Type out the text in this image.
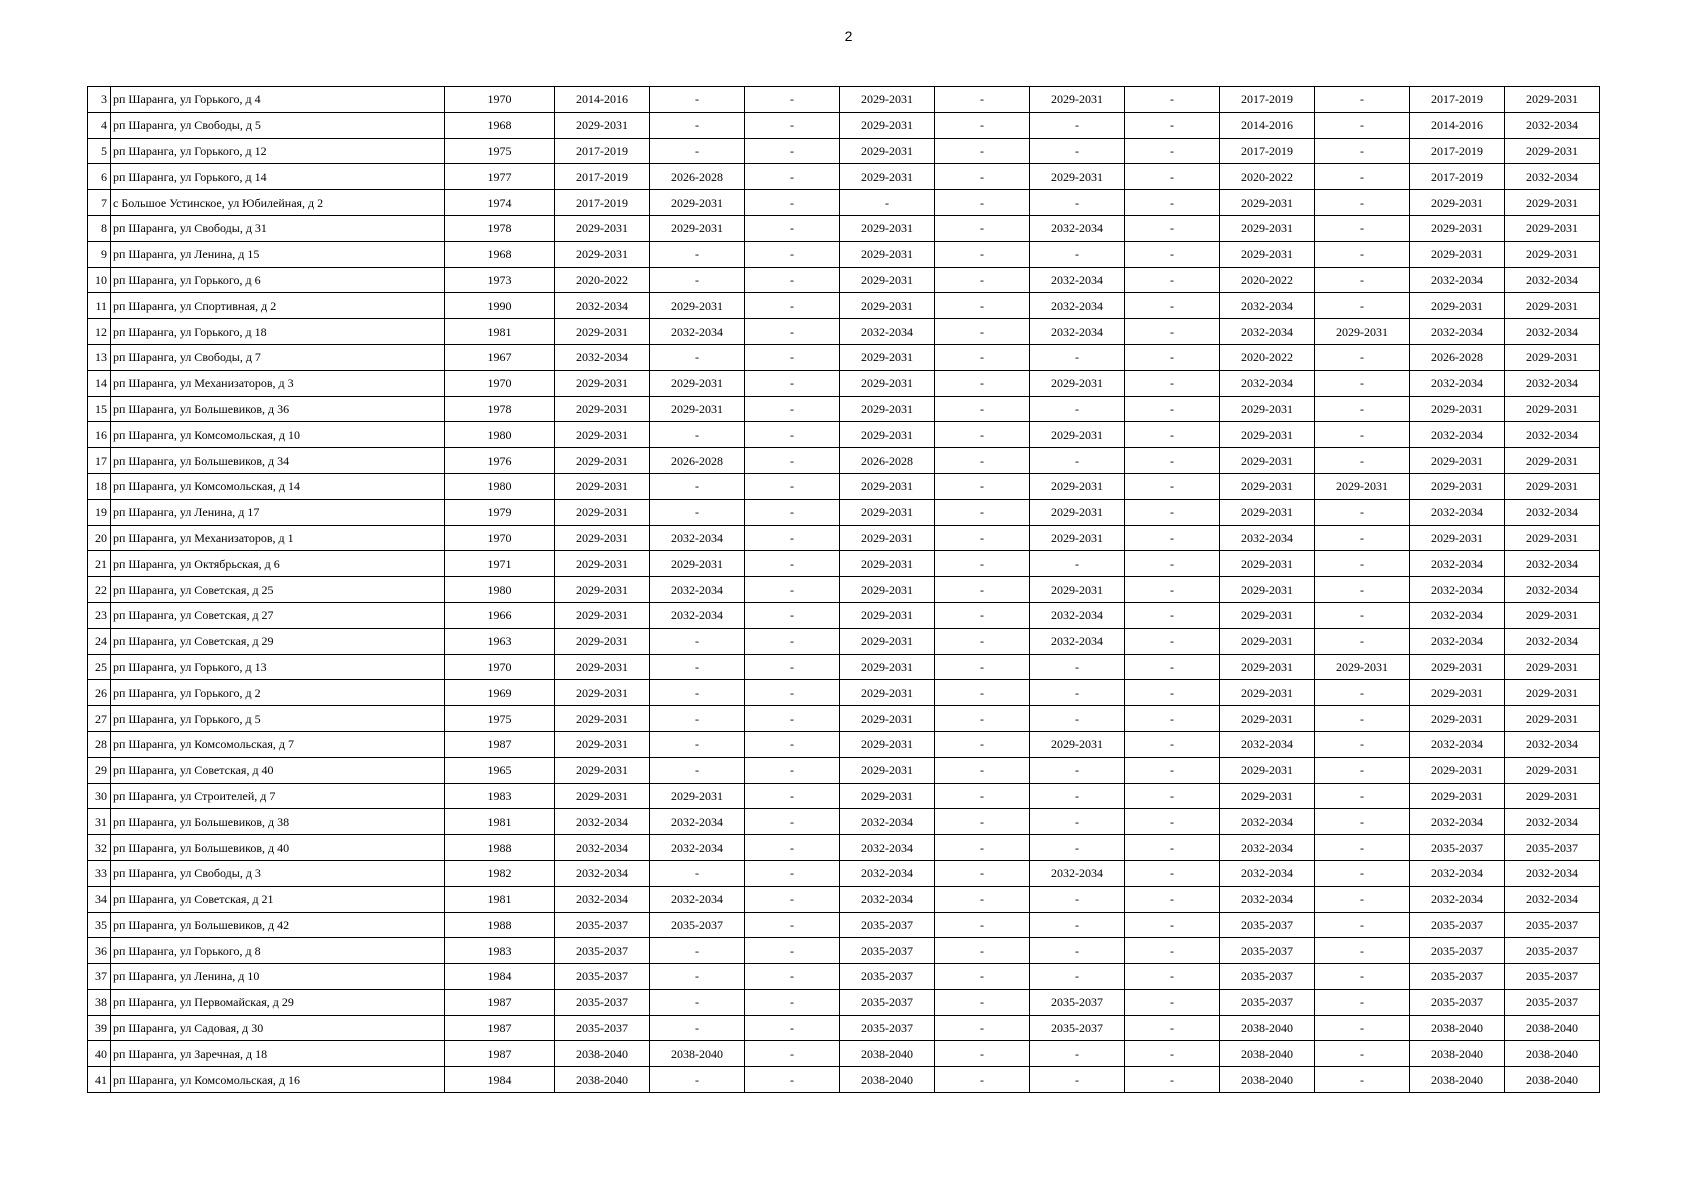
2
3	рп Шаранга, ул Горького, д 4	1970	2014-2016	-	-	2029-2031	-	2029-2031	-	2017-2019	-	2017-2019	2029-2031
4	рп Шаранга, ул Свободы, д 5	1968	2029-2031	-	-	2029-2031	-	-	-	2014-2016	-	2014-2016	2032-2034
5	рп Шаранга, ул Горького, д 12	1975	2017-2019	-	-	2029-2031	-	-	-	2017-2019	-	2017-2019	2029-2031
6	рп Шаранга, ул Горького, д 14	1977	2017-2019	2026-2028	-	2029-2031	-	2029-2031	-	2020-2022	-	2017-2019	2032-2034
7	с Большое Устинское, ул Юбилейная, д 2	1974	2017-2019	2029-2031	-	-	-	-	-	2029-2031	-	2029-2031	2029-2031
8	рп Шаранга, ул Свободы, д 31	1978	2029-2031	2029-2031	-	2029-2031	-	2032-2034	-	2029-2031	-	2029-2031	2029-2031
9	рп Шаранга, ул Ленина, д 15	1968	2029-2031	-	-	2029-2031	-	-	-	2029-2031	-	2029-2031	2029-2031
10	рп Шаранга, ул Горького, д 6	1973	2020-2022	-	-	2029-2031	-	2032-2034	-	2020-2022	-	2032-2034	2032-2034
11	рп Шаранга, ул Спортивная, д 2	1990	2032-2034	2029-2031	-	2029-2031	-	2032-2034	-	2032-2034	-	2029-2031	2029-2031
12	рп Шаранга, ул Горького, д 18	1981	2029-2031	2032-2034	-	2032-2034	-	2032-2034	-	2032-2034	2029-2031	2032-2034	2032-2034
13	рп Шаранга, ул Свободы, д 7	1967	2032-2034	-	-	2029-2031	-	-	-	2020-2022	-	2026-2028	2029-2031
14	рп Шаранга, ул Механизаторов, д 3	1970	2029-2031	2029-2031	-	2029-2031	-	2029-2031	-	2032-2034	-	2032-2034	2032-2034
15	рп Шаранга, ул Большевиков, д 36	1978	2029-2031	2029-2031	-	2029-2031	-	-	-	2029-2031	-	2029-2031	2029-2031
16	рп Шаранга, ул Комсомольская, д 10	1980	2029-2031	-	-	2029-2031	-	2029-2031	-	2029-2031	-	2032-2034	2032-2034
17	рп Шаранга, ул Большевиков, д 34	1976	2029-2031	2026-2028	-	2026-2028	-	-	-	2029-2031	-	2029-2031	2029-2031
18	рп Шаранга, ул Комсомольская, д 14	1980	2029-2031	-	-	2029-2031	-	2029-2031	-	2029-2031	2029-2031	2029-2031	2029-2031
19	рп Шаранга, ул Ленина, д 17	1979	2029-2031	-	-	2029-2031	-	2029-2031	-	2029-2031	-	2032-2034	2032-2034
20	рп Шаранга, ул Механизаторов, д 1	1970	2029-2031	2032-2034	-	2029-2031	-	2029-2031	-	2032-2034	-	2029-2031	2029-2031
21	рп Шаранга, ул Октябрьская, д 6	1971	2029-2031	2029-2031	-	2029-2031	-	-	-	2029-2031	-	2032-2034	2032-2034
22	рп Шаранга, ул Советская, д 25	1980	2029-2031	2032-2034	-	2029-2031	-	2029-2031	-	2029-2031	-	2032-2034	2032-2034
23	рп Шаранга, ул Советская, д 27	1966	2029-2031	2032-2034	-	2029-2031	-	2032-2034	-	2029-2031	-	2032-2034	2029-2031
24	рп Шаранга, ул Советская, д 29	1963	2029-2031	-	-	2029-2031	-	2032-2034	-	2029-2031	-	2032-2034	2032-2034
25	рп Шаранга, ул Горького, д 13	1970	2029-2031	-	-	2029-2031	-	-	-	2029-2031	2029-2031	2029-2031	2029-2031
26	рп Шаранга, ул Горького, д 2	1969	2029-2031	-	-	2029-2031	-	-	-	2029-2031	-	2029-2031	2029-2031
27	рп Шаранга, ул Горького, д 5	1975	2029-2031	-	-	2029-2031	-	-	-	2029-2031	-	2029-2031	2029-2031
28	рп Шаранга, ул Комсомольская, д 7	1987	2029-2031	-	-	2029-2031	-	2029-2031	-	2032-2034	-	2032-2034	2032-2034
29	рп Шаранга, ул Советская, д 40	1965	2029-2031	-	-	2029-2031	-	-	-	2029-2031	-	2029-2031	2029-2031
30	рп Шаранга, ул Строителей, д 7	1983	2029-2031	2029-2031	-	2029-2031	-	-	-	2029-2031	-	2029-2031	2029-2031
31	рп Шаранга, ул Большевиков, д 38	1981	2032-2034	2032-2034	-	2032-2034	-	-	-	2032-2034	-	2032-2034	2032-2034
32	рп Шаранга, ул Большевиков, д 40	1988	2032-2034	2032-2034	-	2032-2034	-	-	-	2032-2034	-	2035-2037	2035-2037
33	рп Шаранга, ул Свободы, д 3	1982	2032-2034	-	-	2032-2034	-	2032-2034	-	2032-2034	-	2032-2034	2032-2034
34	рп Шаранга, ул Советская, д 21	1981	2032-2034	2032-2034	-	2032-2034	-	-	-	2032-2034	-	2032-2034	2032-2034
35	рп Шаранга, ул Большевиков, д 42	1988	2035-2037	2035-2037	-	2035-2037	-	-	-	2035-2037	-	2035-2037	2035-2037
36	рп Шаранга, ул Горького, д 8	1983	2035-2037	-	-	2035-2037	-	-	-	2035-2037	-	2035-2037	2035-2037
37	рп Шаранга, ул Ленина, д 10	1984	2035-2037	-	-	2035-2037	-	-	-	2035-2037	-	2035-2037	2035-2037
38	рп Шаранга, ул Первомайская, д 29	1987	2035-2037	-	-	2035-2037	-	2035-2037	-	2035-2037	-	2035-2037	2035-2037
39	рп Шаранга, ул Садовая, д 30	1987	2035-2037	-	-	2035-2037	-	2035-2037	-	2038-2040	-	2038-2040	2038-2040
40	рп Шаранга, ул Заречная, д 18	1987	2038-2040	2038-2040	-	2038-2040	-	-	-	2038-2040	-	2038-2040	2038-2040
41	рп Шаранга, ул Комсомольская, д 16	1984	2038-2040	-	-	2038-2040	-	-	-	2038-2040	-	2038-2040	2038-2040
